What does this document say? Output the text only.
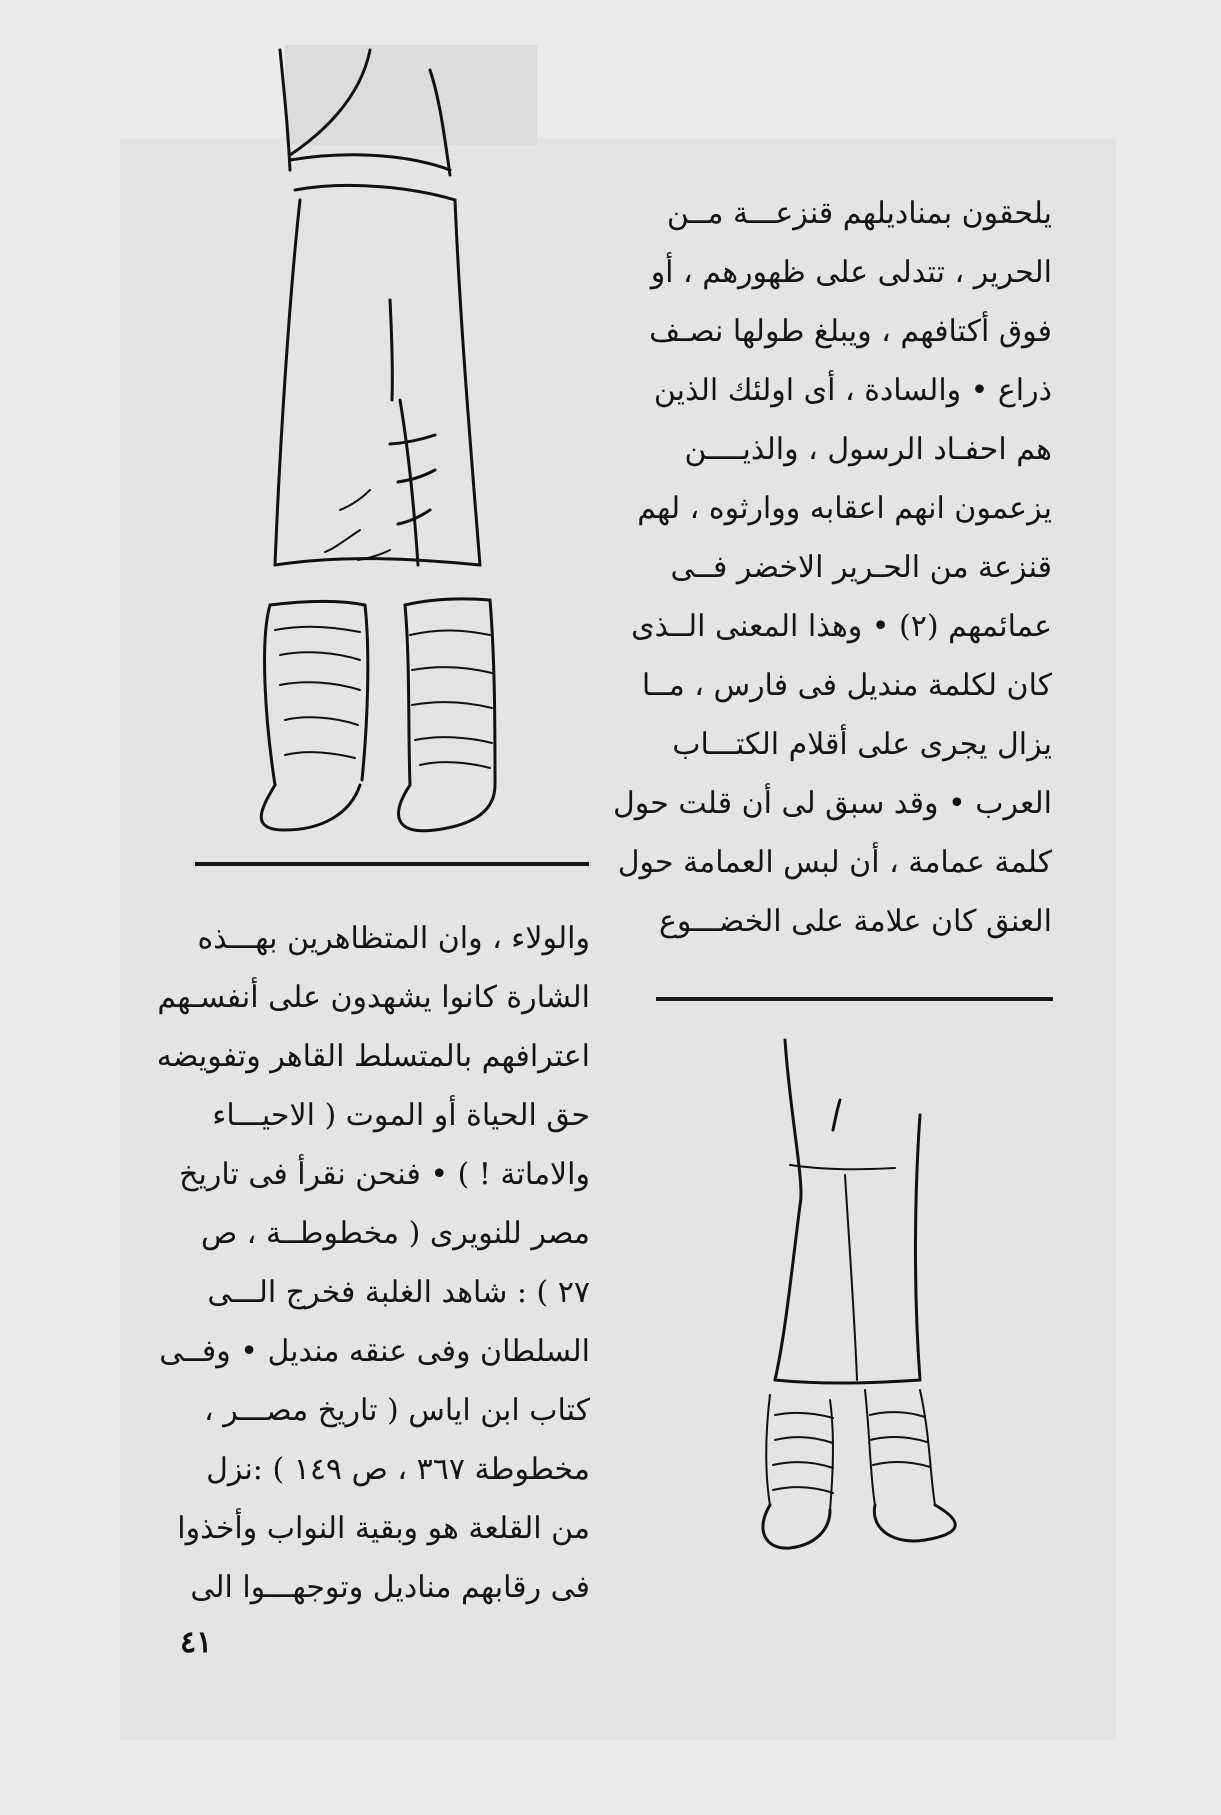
يلحقون بمناديلهم قنزعـــة مــن

الحرير ، تتدلى على ظهورهم ، أو

فوق أكتافهم ، ويبلغ طولها نصـف

ذراع • والسادة ، أى اولئك الذين

هم احفـاد الرسول ، والذيــــن

يزعمون انهم اعقابه ووارثوه ، لهم

قنزعة من الحـرير الاخضر فــى

عمائمهم (٢) • وهذا المعنى الــذى

كان لكلمة منديل فى فارس ، مــا

يزال يجرى على أقلام الكتـــاب

العرب • وقد سبق لى أن قلت حول

كلمة عمامة ، أن لبس العمامة حول

العنق كان علامة على الخضـــوع

والولاء ، وان المتظاهرين بهـــذه

الشارة كانوا يشهدون على أنفسـهم

اعترافهم بالمتسلط القاهر وتفويضه

حق الحياة أو الموت ( الاحيـــاء

والاماتة ! ) • فنحن نقرأ فى تاريخ

مصر للنويرى ( مخطوطــة ، ص

٢٧ ) : شاهد الغلبة فخرج الـــى

السلطان وفى عنقه منديل • وفــى

كتاب ابن اياس ( تاريخ مصـــر ،

مخطوطة ٣٦٧ ، ص ١٤٩ ) :نزل

من القلعة هو وبقية النواب وأخذوا

فى رقابهم مناديل وتوجهـــوا الى

٤١
